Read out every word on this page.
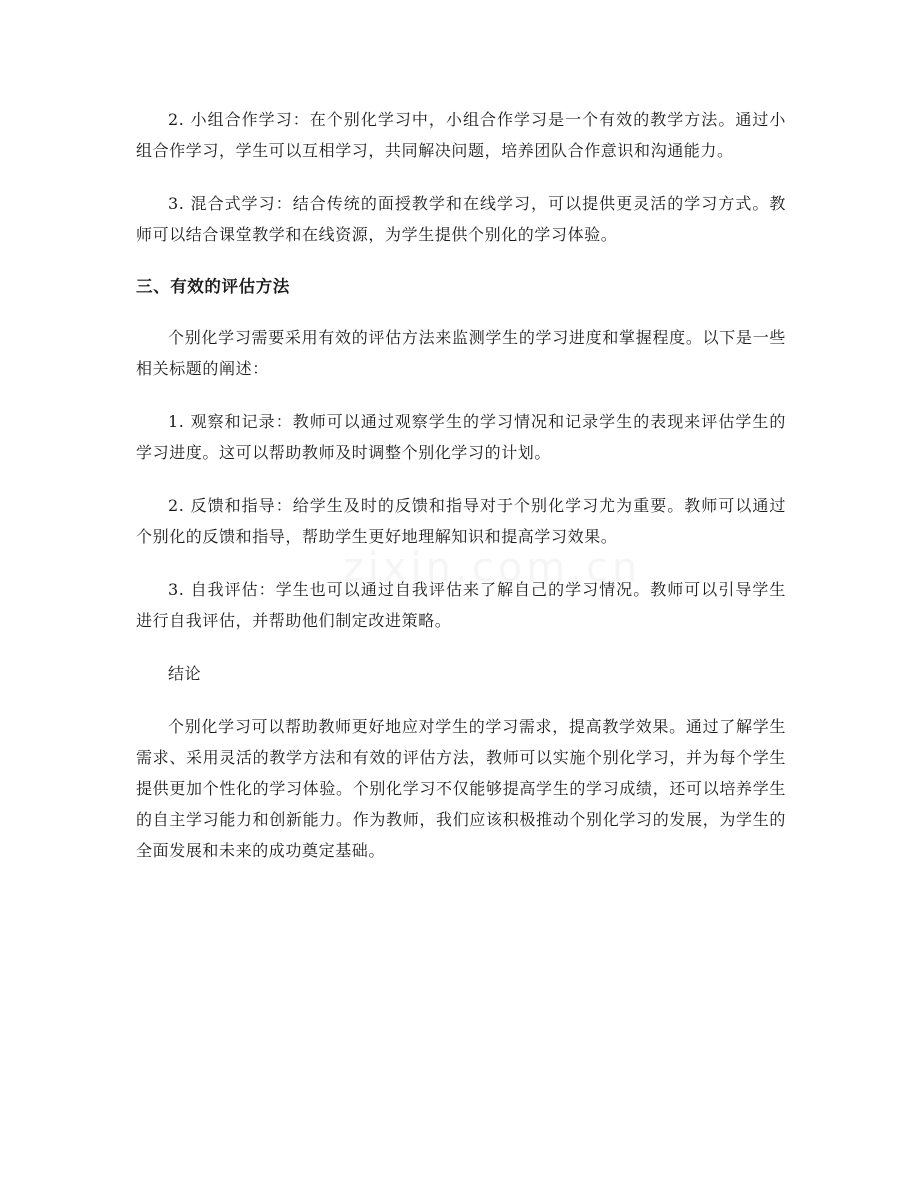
2. 小组合作学习：在个别化学习中，小组合作学习是一个有效的教学方法。通过小组合作学习，学生可以互相学习，共同解决问题，培养团队合作意识和沟通能力。

3. 混合式学习：结合传统的面授教学和在线学习，可以提供更灵活的学习方式。教师可以结合课堂教学和在线资源，为学生提供个别化的学习体验。

三、有效的评估方法

个别化学习需要采用有效的评估方法来监测学生的学习进度和掌握程度。以下是一些相关标题的阐述：

1. 观察和记录：教师可以通过观察学生的学习情况和记录学生的表现来评估学生的学习进度。这可以帮助教师及时调整个别化学习的计划。

2. 反馈和指导：给学生及时的反馈和指导对于个别化学习尤为重要。教师可以通过个别化的反馈和指导，帮助学生更好地理解知识和提高学习效果。

3. 自我评估：学生也可以通过自我评估来了解自己的学习情况。教师可以引导学生进行自我评估，并帮助他们制定改进策略。

结论

个别化学习可以帮助教师更好地应对学生的学习需求，提高教学效果。通过了解学生需求、采用灵活的教学方法和有效的评估方法，教师可以实施个别化学习，并为每个学生提供更加个性化的学习体验。个别化学习不仅能够提高学生的学习成绩，还可以培养学生的自主学习能力和创新能力。作为教师，我们应该积极推动个别化学习的发展，为学生的全面发展和未来的成功奠定基础。
